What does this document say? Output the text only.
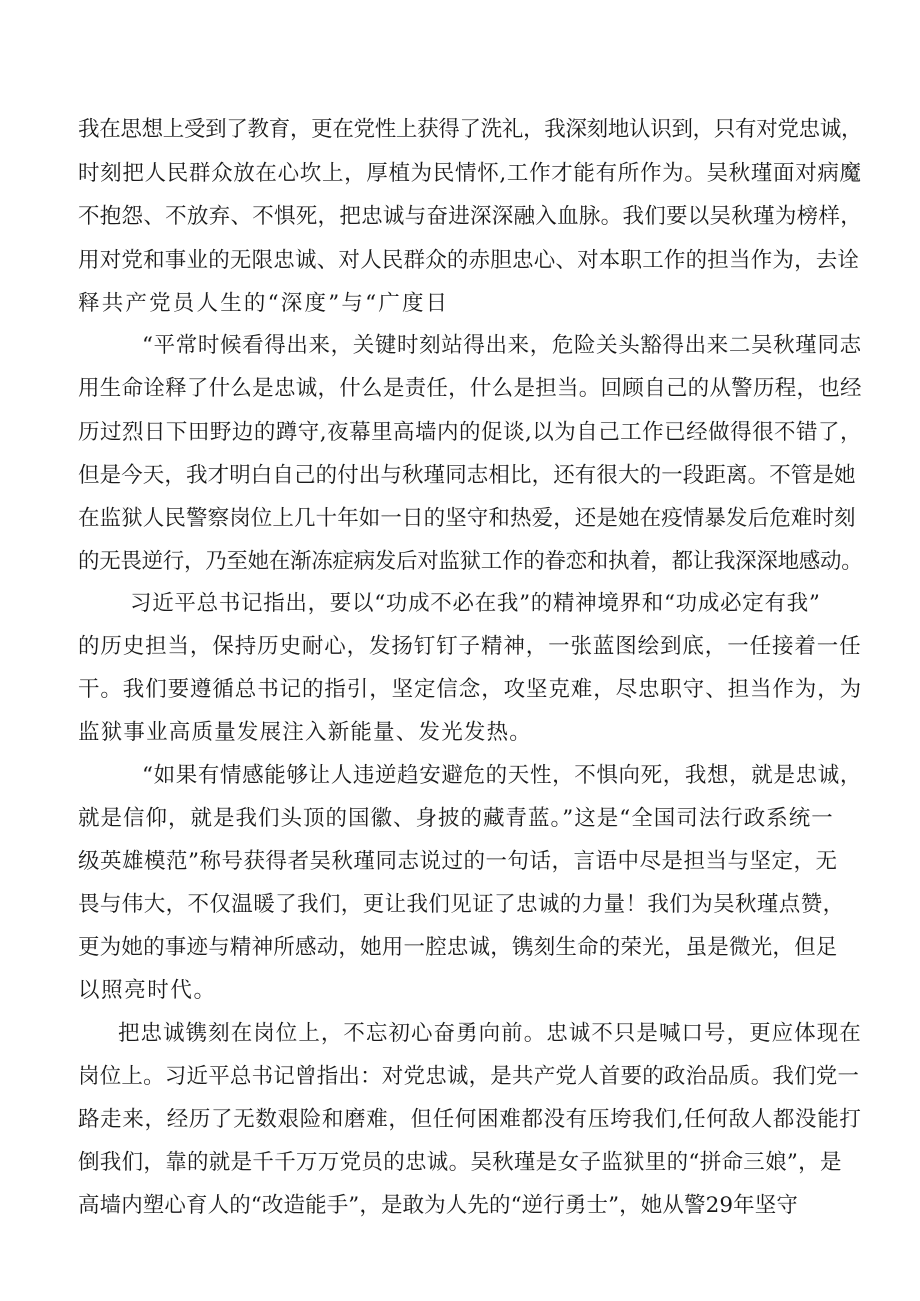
我在思想上受到了教育，更在党性上获得了洗礼，我深刻地认识到，只有对党忠诚，
时刻把人民群众放在心坎上，厚植为民情怀,工作才能有所作为。吴秋瑾面对病魔
不抱怨、不放弃、不惧死，把忠诚与奋进深深融入血脉。我们要以吴秋瑾为榜样，
用对党和事业的无限忠诚、对人民群众的赤胆忠心、对本职工作的担当作为，去诠
释共产党员人生的“深度”与“广度日
“平常时候看得出来，关键时刻站得出来，危险关头豁得出来二吴秋瑾同志
用生命诠释了什么是忠诚，什么是责任，什么是担当。回顾自己的从警历程，也经
历过烈日下田野边的蹲守,夜幕里高墙内的促谈,以为自己工作已经做得很不错了，
但是今天，我才明白自己的付出与秋瑾同志相比，还有很大的一段距离。不管是她
在监狱人民警察岗位上几十年如一日的坚守和热爱，还是她在疫情暴发后危难时刻
的无畏逆行，乃至她在渐冻症病发后对监狱工作的眷恋和执着，都让我深深地感动。
习近平总书记指出，要以“功成不必在我”的精神境界和“功成必定有我”
的历史担当，保持历史耐心，发扬钉钉子精神，一张蓝图绘到底，一任接着一任
干。我们要遵循总书记的指引，坚定信念，攻坚克难，尽忠职守、担当作为，为
监狱事业高质量发展注入新能量、发光发热。
“如果有情感能够让人违逆趋安避危的天性，不惧向死，我想，就是忠诚，
就是信仰，就是我们头顶的国徽、身披的藏青蓝。”这是“全国司法行政系统一
级英雄模范”称号获得者吴秋瑾同志说过的一句话，言语中尽是担当与坚定，无
畏与伟大，不仅温暖了我们，更让我们见证了忠诚的力量！我们为吴秋瑾点赞，
更为她的事迹与精神所感动，她用一腔忠诚，镌刻生命的荣光，虽是微光，但足
以照亮时代。
把忠诚镌刻在岗位上，不忘初心奋勇向前。忠诚不只是喊口号，更应体现在
岗位上。习近平总书记曾指出：对党忠诚，是共产党人首要的政治品质。我们党一
路走来，经历了无数艰险和磨难，但任何困难都没有压垮我们,任何敌人都没能打
倒我们，靠的就是千千万万党员的忠诚。吴秋瑾是女子监狱里的“拼命三娘”，是
高墙内塑心育人的“改造能手”，是敢为人先的“逆行勇士”，她从警29年坚守
